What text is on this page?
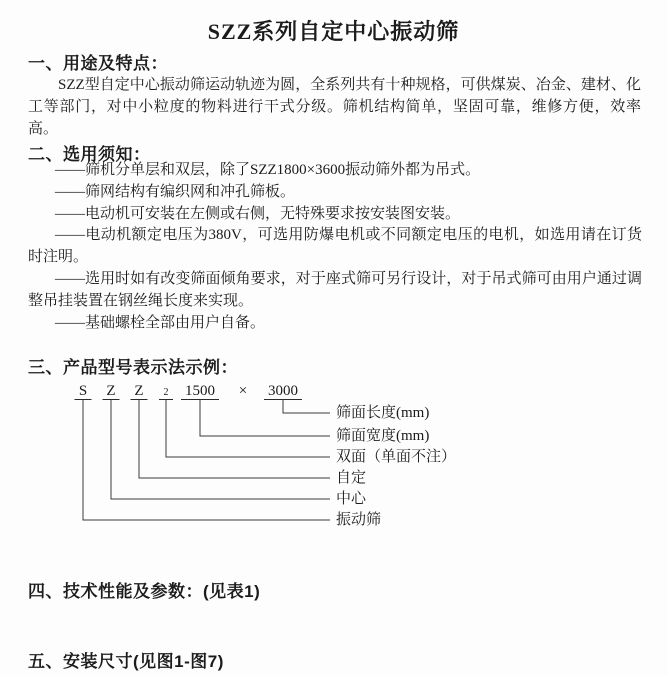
SZZ系列自定中心振动筛
一、用途及特点：

SZZ型自定中心振动筛运动轨迹为圆，全系列共有十种规格，可供煤炭、冶金、建材、化工等部门，对中小粒度的物料进行干式分级。筛机结构简单，坚固可靠，维修方便，效率高。

二、选用须知：

——筛机分单层和双层，除了SZZ1800×3600振动筛外都为吊式。

——筛网结构有编织网和冲孔筛板。

——电动机可安装在左侧或右侧，无特殊要求按安装图安装。

——电动机额定电压为380V，可选用防爆电机或不同额定电压的电机，如选用请在订货时注明。

——选用时如有改变筛面倾角要求，对于座式筛可另行设计，对于吊式筛可由用户通过调整吊挂装置在钢丝绳长度来实现。

——基础螺栓全部由用户自备。

三、产品型号表示法示例：
S Z Z	2	1500 × 3000
筛面长度(mm)
筛面宽度(mm)
双面（单面不注）
自定
中心
振动筛
四、技术性能及参数：(见表1)
五、安装尺寸(见图1-图7)
